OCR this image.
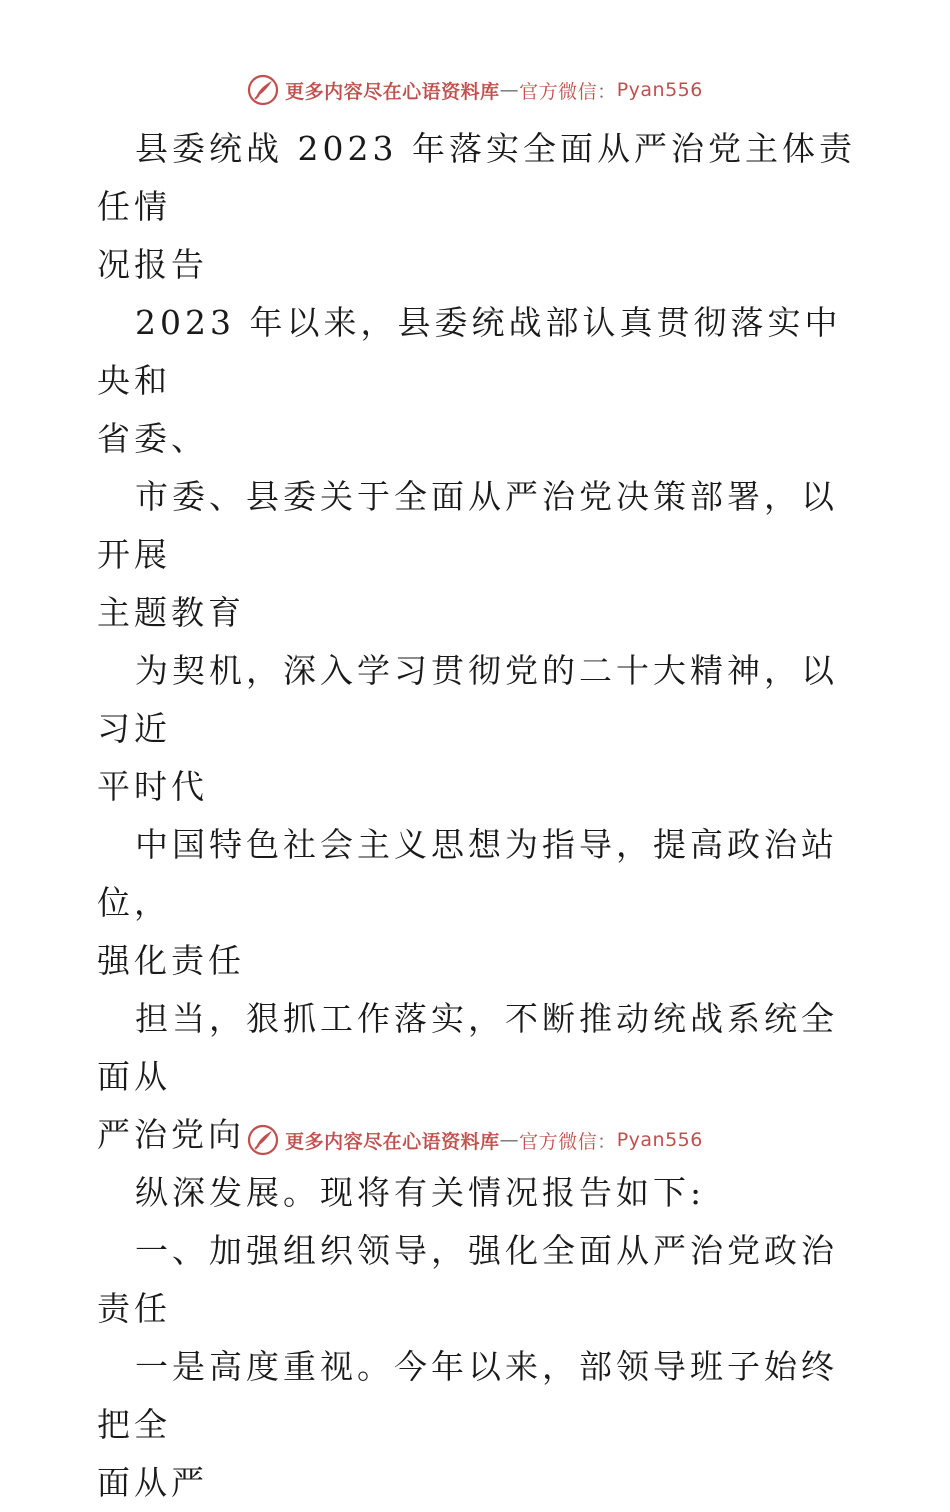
更多内容尽在心语资料库 — 官方微信 ： Pyan556

县委统战 2023 年落实全面从严治党主体责任情

况报告

2023 年以来，县委统战部认真贯彻落实中央和

省委、

市委、县委关于全面从严治党决策部署，以开展

主题教育

为契机，深入学习贯彻党的二十大精神，以习近

平时代

中国特色社会主义思想为指导，提高政治站位，

强化责任

担当，狠抓工作落实，不断推动统战系统全面从

严治党向

纵深发展。现将有关情况报告如下:

一、加强组织领导，强化全面从严治党政治责任

一是高度重视。今年以来，部领导班子始终把全

面从严

更多内容尽在心语资料库 — 官方微信 ： Pyan556
